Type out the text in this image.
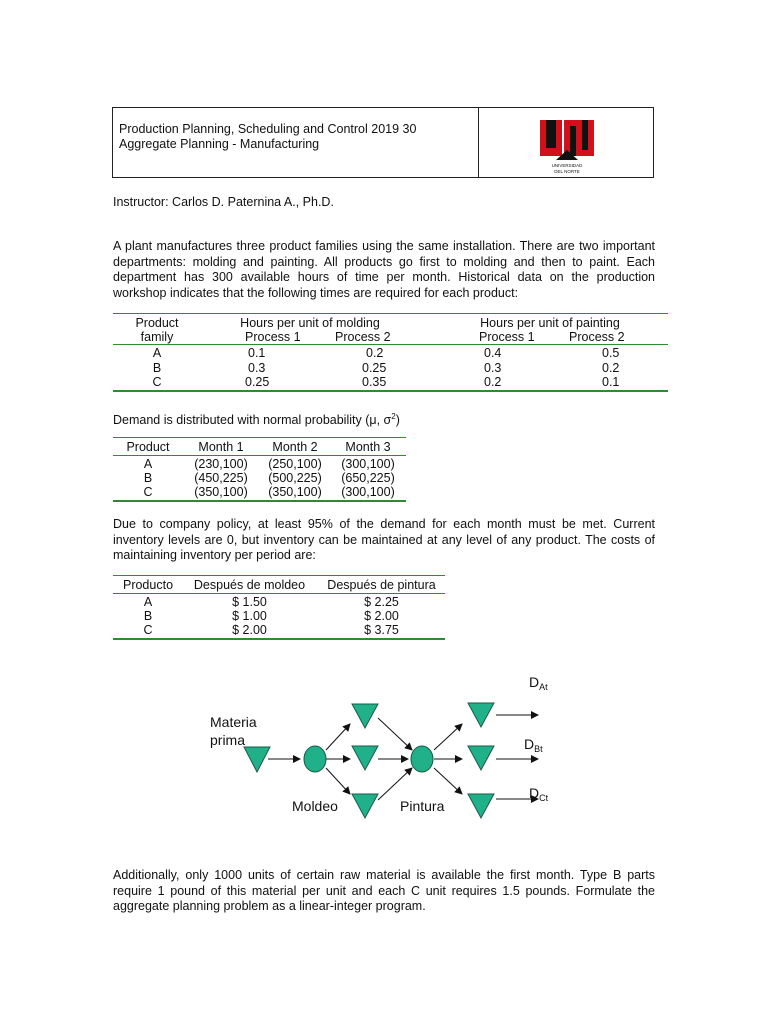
Production Planning, Scheduling and Control 2019 30
Aggregate Planning - Manufacturing
UNIVERSIDAD
DEL NORTE
Instructor: Carlos D. Paternina A., Ph.D.
A plant manufactures three product families using the same installation. There are two important departments: molding and painting. All products go first to molding and then to paint. Each department has 300 available hours of time per month. Historical data on the production workshop indicates that the following times are required for each product:
Product
family
Hours per unit of molding	Hours per unit of painting
Process 1	Process 2	Process 1	Process 2
A	0.1	0.2	0.4	0.5
B	0.3	0.25	0.3	0.2
C	0.25	0.35	0.2	0.1
Demand is distributed with normal probability (μ, $\sigma^2$)
Product	Month 1	Month 2	Month 3
A	(230,100)	(250,100)	(300,100)
B	(450,225)	(500,225)	(650,225)
C	(350,100)	(350,100)	(300,100)
Due to company policy, at least 95% of the demand for each month must be met. Current inventory levels are 0, but inventory can be maintained at any level of any product. The costs of maintaining inventory per period are:
Producto	Después de moldeo	Después de pintura
A	$ 1.50	$ 2.25
B	$ 1.00	$ 2.00
C	$ 2.00	$ 3.75
Materia
prima
Moldeo	Pintura
$D_{At}$
$D_{Bt}$
$D_{Ct}$
Additionally, only 1000 units of certain raw material is available the first month. Type B parts require 1 pound of this material per unit and each C unit requires 1.5 pounds. Formulate the aggregate planning problem as a linear-integer program.
